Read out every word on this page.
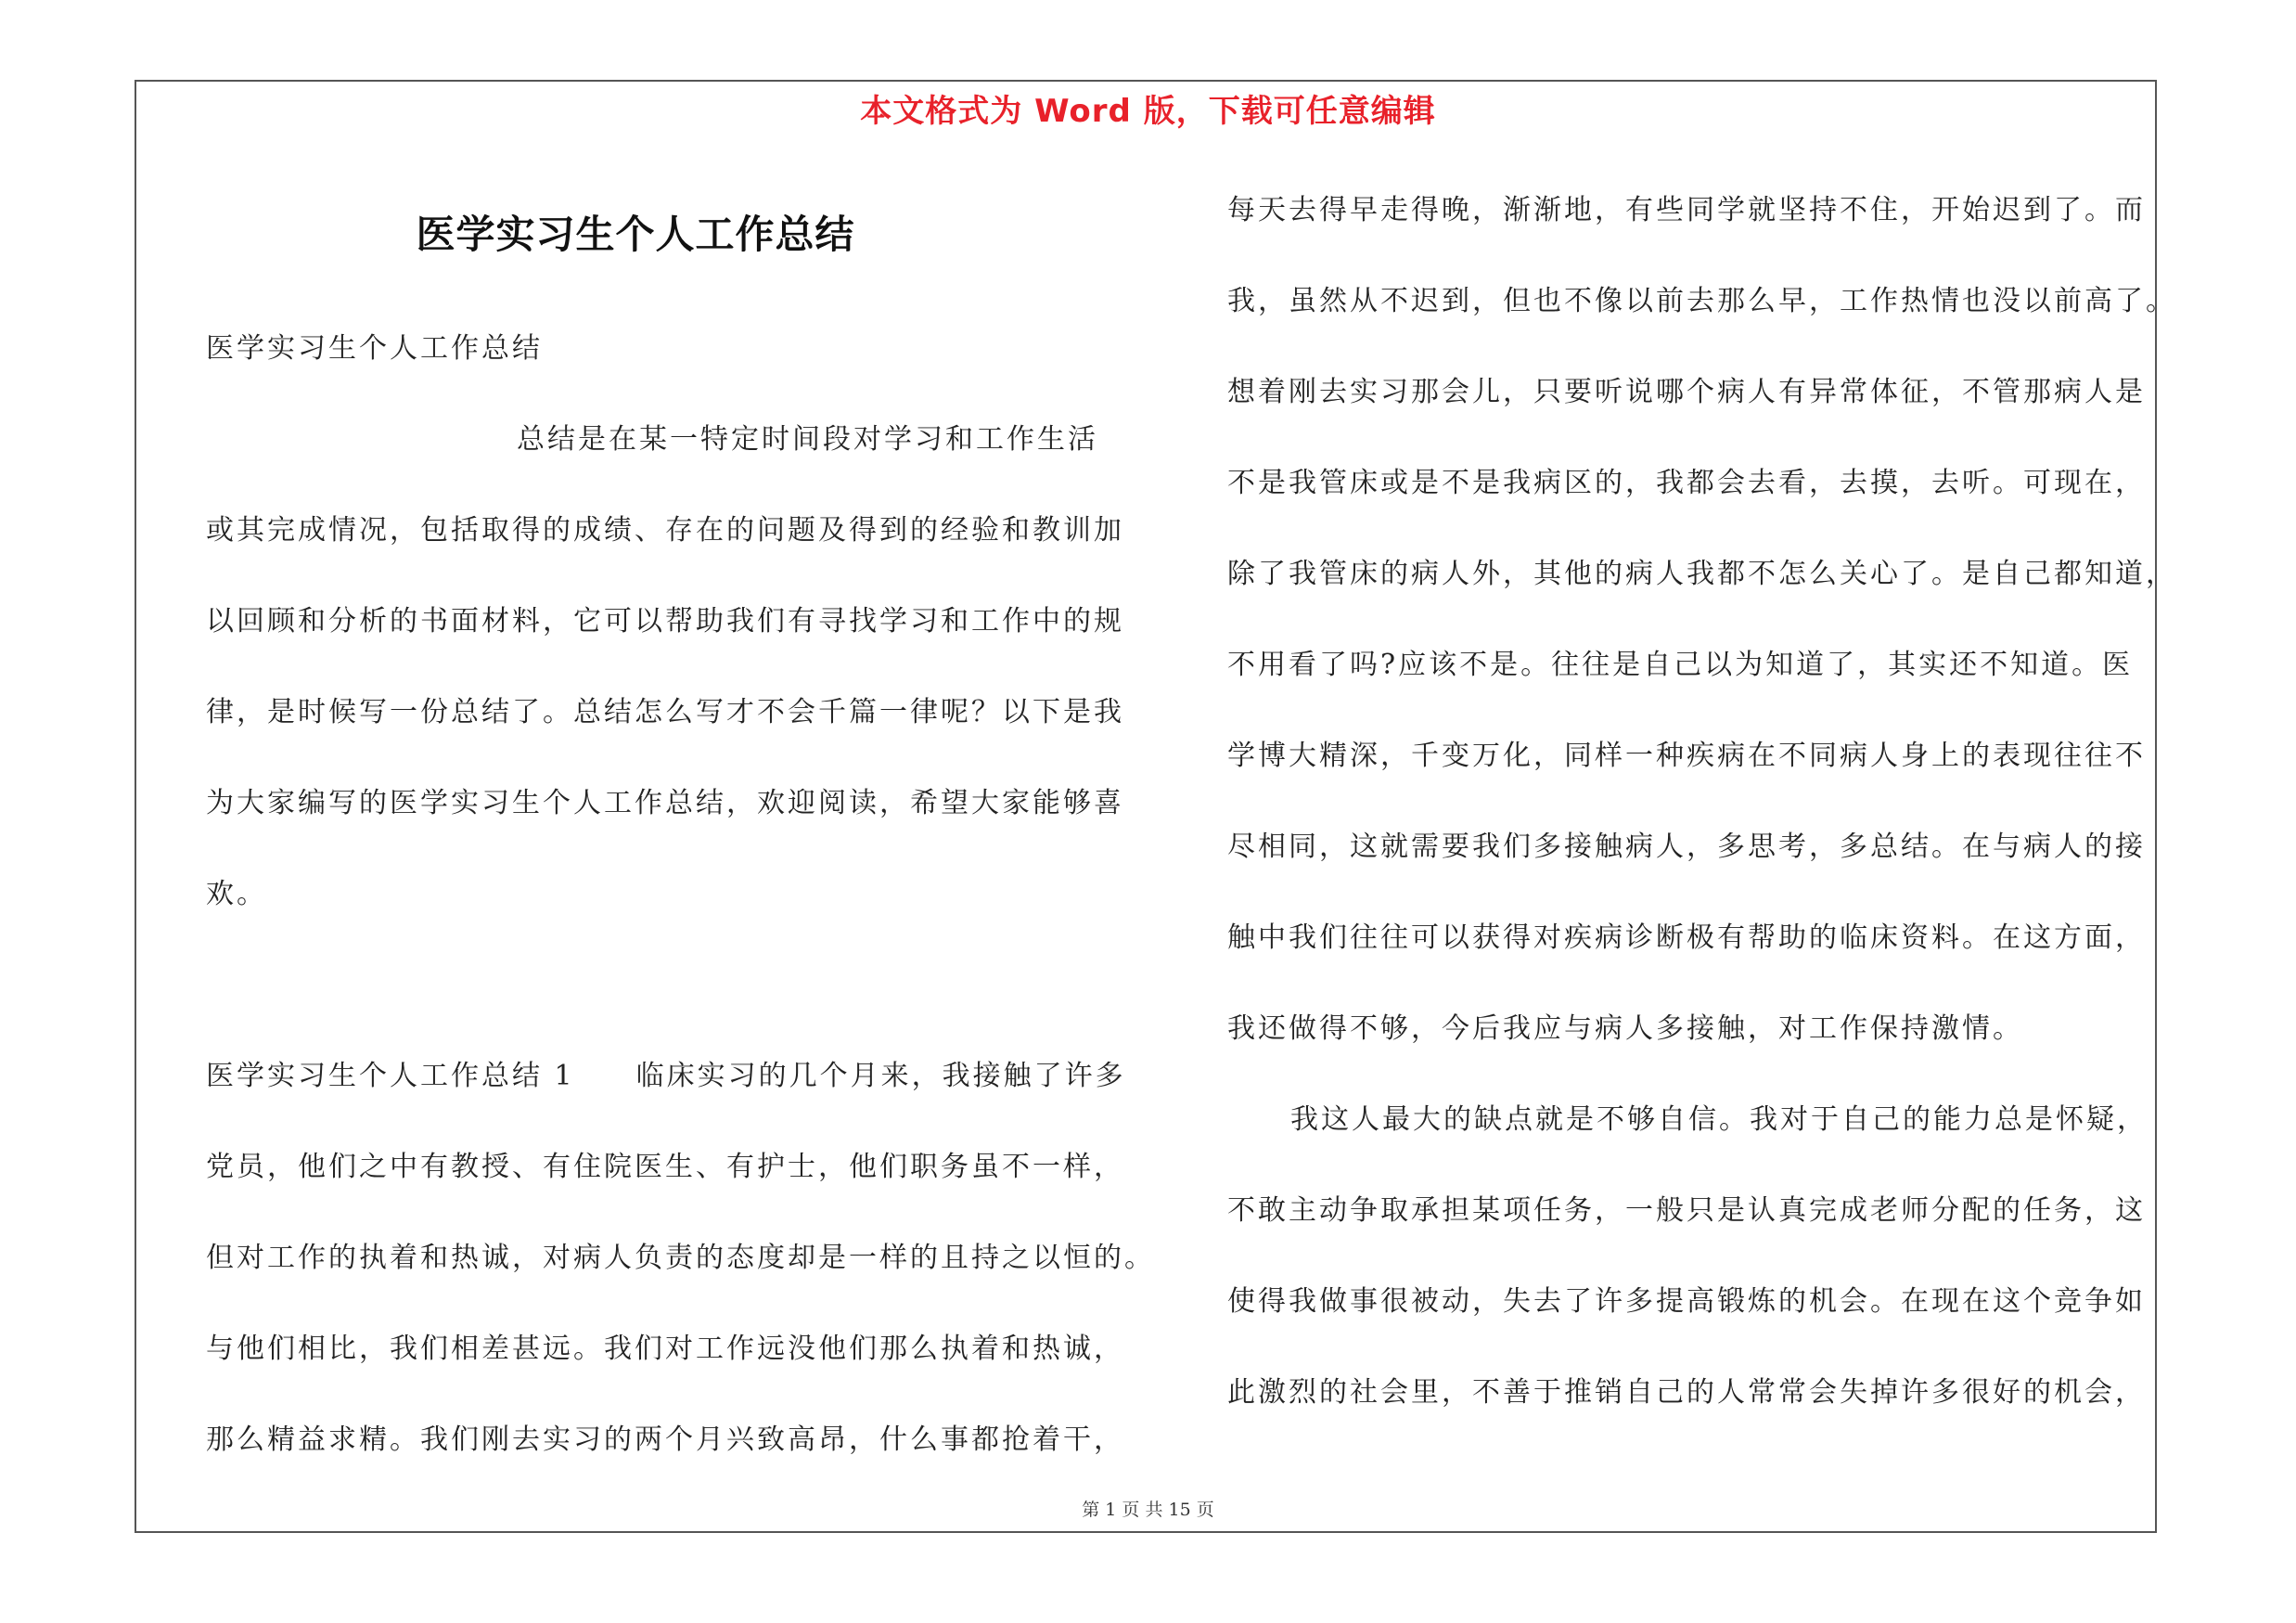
本文格式为 Word 版，下载可任意编辑
医学实习生个人工作总结
医学实习生个人工作总结
总结是在某一特定时间段对学习和工作生活
或其完成情况，包括取得的成绩、存在的问题及得到的经验和教训加
以回顾和分析的书面材料，它可以帮助我们有寻找学习和工作中的规
律，是时候写一份总结了。总结怎么写才不会千篇一律呢？以下是我
为大家编写的医学实习生个人工作总结，欢迎阅读，希望大家能够喜
欢。
医学实习生个人工作总结 1　　临床实习的几个月来，我接触了许多
党员，他们之中有教授、有住院医生、有护士，他们职务虽不一样，
但对工作的执着和热诚，对病人负责的态度却是一样的且持之以恒的。
与他们相比，我们相差甚远。我们对工作远没他们那么执着和热诚，
那么精益求精。我们刚去实习的两个月兴致高昂，什么事都抢着干，
每天去得早走得晚，渐渐地，有些同学就坚持不住，开始迟到了。而
我，虽然从不迟到，但也不像以前去那么早，工作热情也没以前高了。
想着刚去实习那会儿，只要听说哪个病人有异常体征，不管那病人是
不是我管床或是不是我病区的，我都会去看，去摸，去听。可现在，
除了我管床的病人外，其他的病人我都不怎么关心了。是自己都知道，
不用看了吗?应该不是。往往是自己以为知道了，其实还不知道。医
学博大精深，千变万化，同样一种疾病在不同病人身上的表现往往不
尽相同，这就需要我们多接触病人，多思考，多总结。在与病人的接
触中我们往往可以获得对疾病诊断极有帮助的临床资料。在这方面，
我还做得不够，今后我应与病人多接触，对工作保持激情。
我这人最大的缺点就是不够自信。我对于自己的能力总是怀疑，
不敢主动争取承担某项任务，一般只是认真完成老师分配的任务，这
使得我做事很被动，失去了许多提高锻炼的机会。在现在这个竞争如
此激烈的社会里，不善于推销自己的人常常会失掉许多很好的机会，
第 1 页 共 15 页
